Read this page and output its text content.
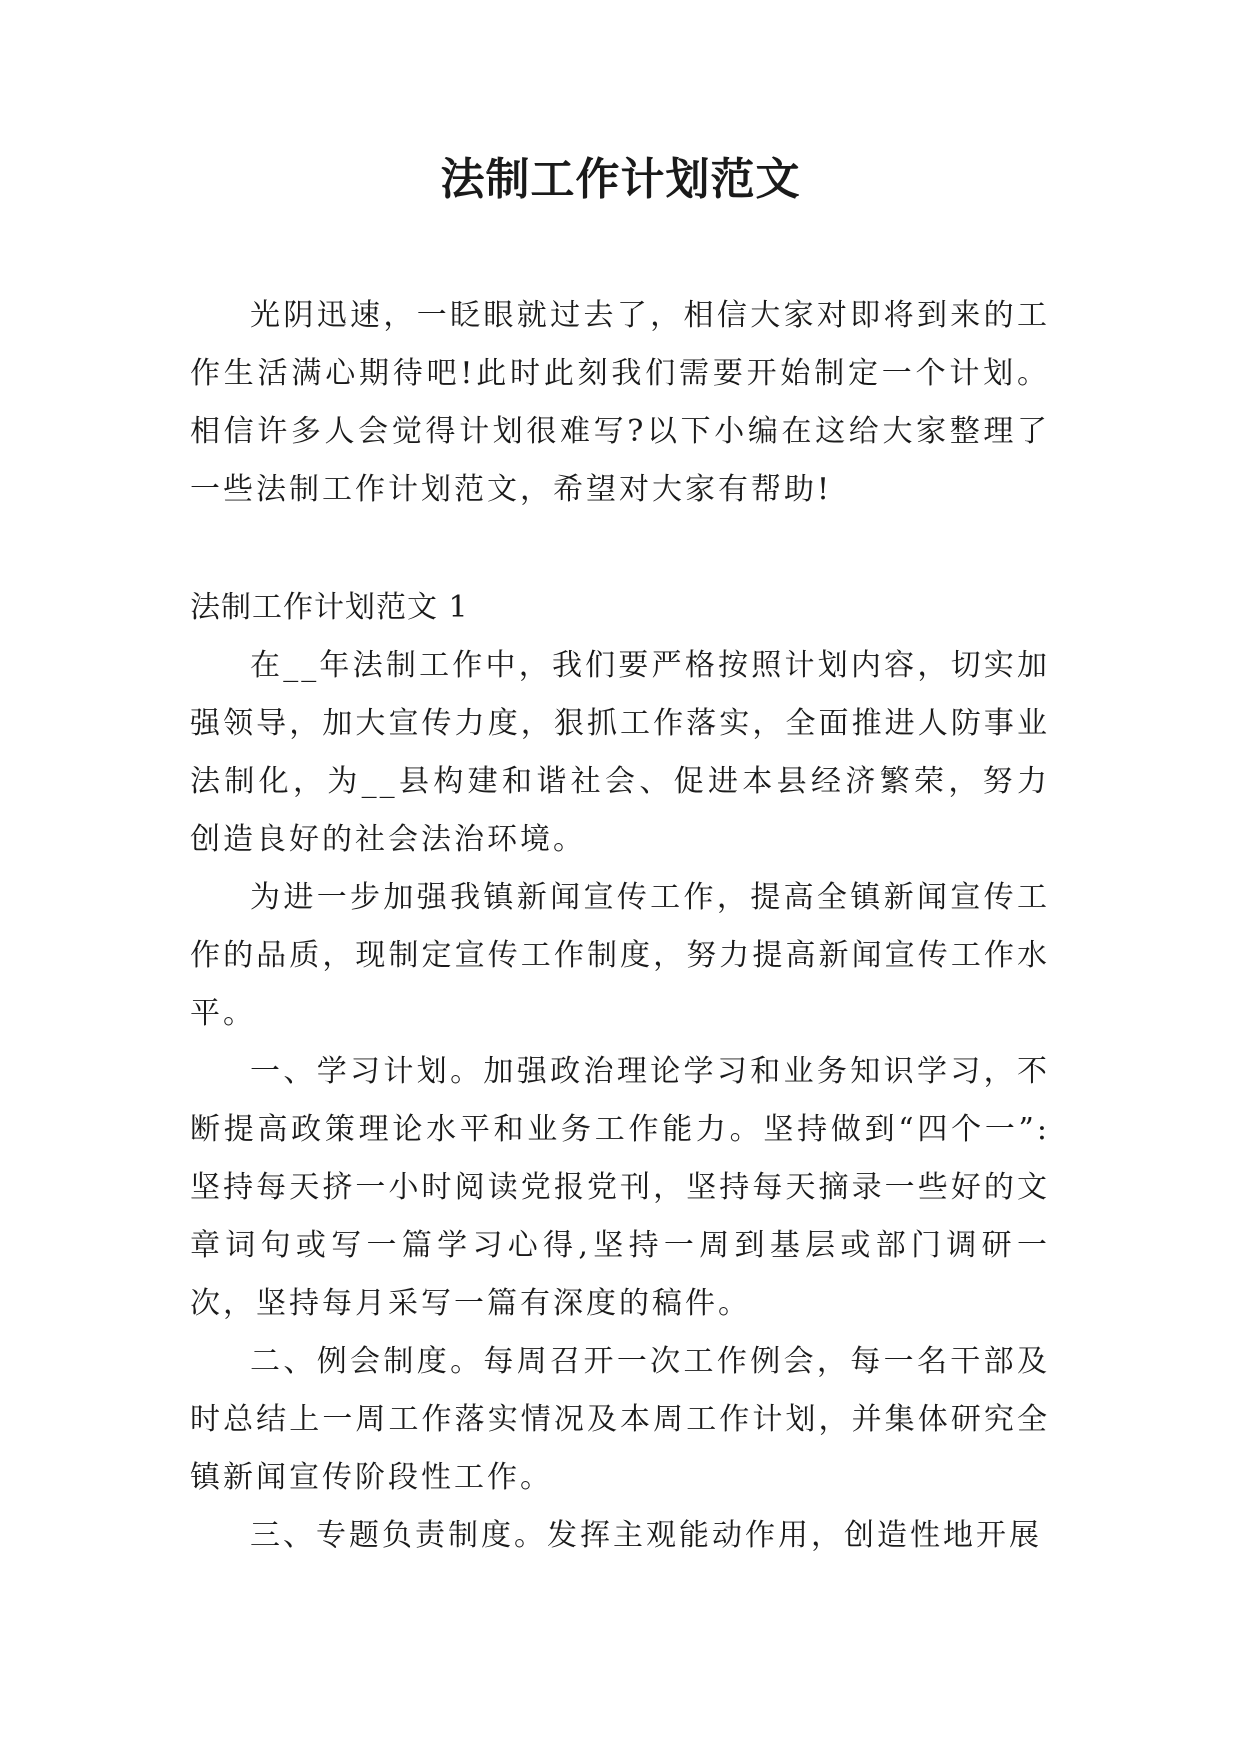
法制工作计划范文

光阴迅速，一眨眼就过去了，相信大家对即将到来的工作生活满心期待吧!此时此刻我们需要开始制定一个计划。相信许多人会觉得计划很难写?以下小编在这给大家整理了一些法制工作计划范文，希望对大家有帮助!

法制工作计划范文 1

在__年法制工作中，我们要严格按照计划内容，切实加强领导，加大宣传力度，狠抓工作落实，全面推进人防事业法制化，为__县构建和谐社会、促进本县经济繁荣，努力创造良好的社会法治环境。

为进一步加强我镇新闻宣传工作，提高全镇新闻宣传工作的品质，现制定宣传工作制度，努力提高新闻宣传工作水平。

一、学习计划。加强政治理论学习和业务知识学习，不断提高政策理论水平和业务工作能力。坚持做到“四个一”:坚持每天挤一小时阅读党报党刊，坚持每天摘录一些好的文章词句或写一篇学习心得,坚持一周到基层或部门调研一次，坚持每月采写一篇有深度的稿件。

二、例会制度。每周召开一次工作例会，每一名干部及时总结上一周工作落实情况及本周工作计划，并集体研究全镇新闻宣传阶段性工作。

三、专题负责制度。发挥主观能动作用，创造性地开展
